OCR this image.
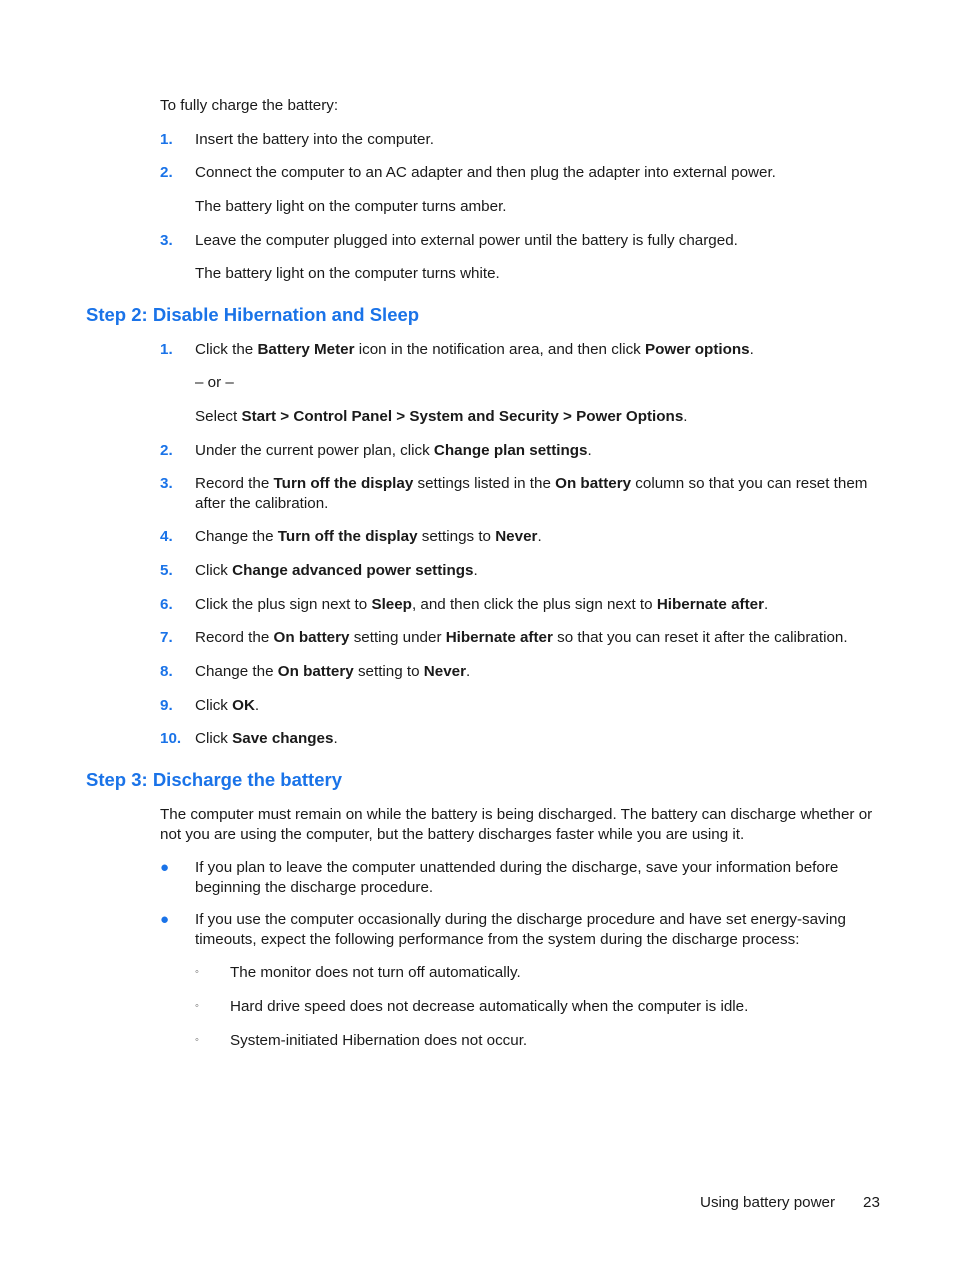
To fully charge the battery:
1. Insert the battery into the computer.
2. Connect the computer to an AC adapter and then plug the adapter into external power.
The battery light on the computer turns amber.
3. Leave the computer plugged into external power until the battery is fully charged.
The battery light on the computer turns white.
Step 2: Disable Hibernation and Sleep
1. Click the Battery Meter icon in the notification area, and then click Power options.
– or –
Select Start > Control Panel > System and Security > Power Options.
2. Under the current power plan, click Change plan settings.
3. Record the Turn off the display settings listed in the On battery column so that you can reset them after the calibration.
4. Change the Turn off the display settings to Never.
5. Click Change advanced power settings.
6. Click the plus sign next to Sleep, and then click the plus sign next to Hibernate after.
7. Record the On battery setting under Hibernate after so that you can reset it after the calibration.
8. Change the On battery setting to Never.
9. Click OK.
10. Click Save changes.
Step 3: Discharge the battery
The computer must remain on while the battery is being discharged. The battery can discharge whether or not you are using the computer, but the battery discharges faster while you are using it.
● If you plan to leave the computer unattended during the discharge, save your information before beginning the discharge procedure.
● If you use the computer occasionally during the discharge procedure and have set energy-saving timeouts, expect the following performance from the system during the discharge process:
◦ The monitor does not turn off automatically.
◦ Hard drive speed does not decrease automatically when the computer is idle.
◦ System-initiated Hibernation does not occur.
Using battery power 23
